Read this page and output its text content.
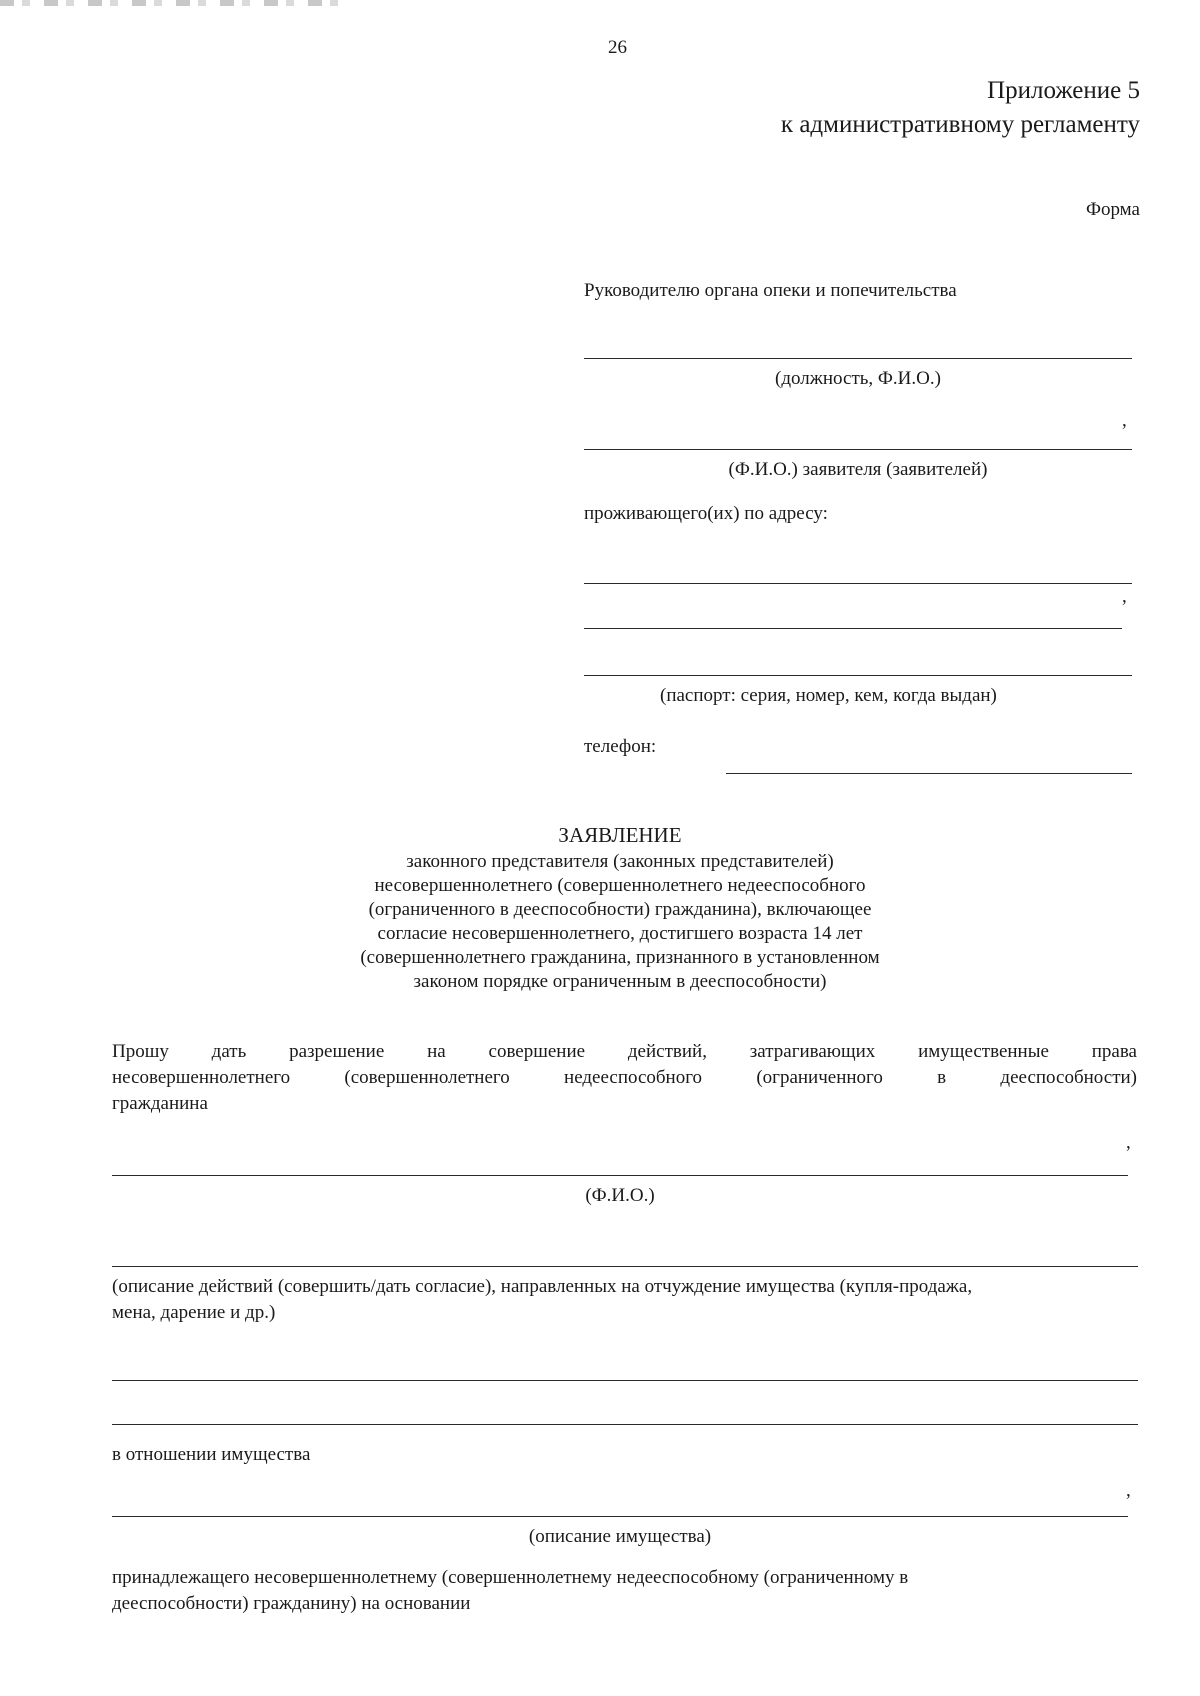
26
Приложение 5
к административному регламенту
Форма
Руководителю органа опеки и попечительства
(должность, Ф.И.О.)
,
(Ф.И.О.) заявителя (заявителей)
проживающего(их) по адресу:
,
(паспорт: серия, номер, кем, когда выдан)
телефон:
ЗАЯВЛЕНИЕ
законного представителя (законных представителей)
несовершеннолетнего (совершеннолетнего недееспособного
(ограниченного в дееспособности) гражданина), включающее
согласие несовершеннолетнего, достигшего возраста 14 лет
(совершеннолетнего гражданина, признанного в установленном
законом порядке ограниченным в дееспособности)
Прошу дать разрешение на совершение действий, затрагивающих имущественные права
несовершеннолетнего (совершеннолетнего недееспособного (ограниченного в дееспособности)
гражданина
,
(Ф.И.О.)
(описание действий (совершить/дать согласие), направленных на отчуждение имущества (купля-продажа,
мена, дарение и др.)
в отношении имущества
,
(описание имущества)
принадлежащего несовершеннолетнему (совершеннолетнему недееспособному (ограниченному в
дееспособности) гражданину) на основании
